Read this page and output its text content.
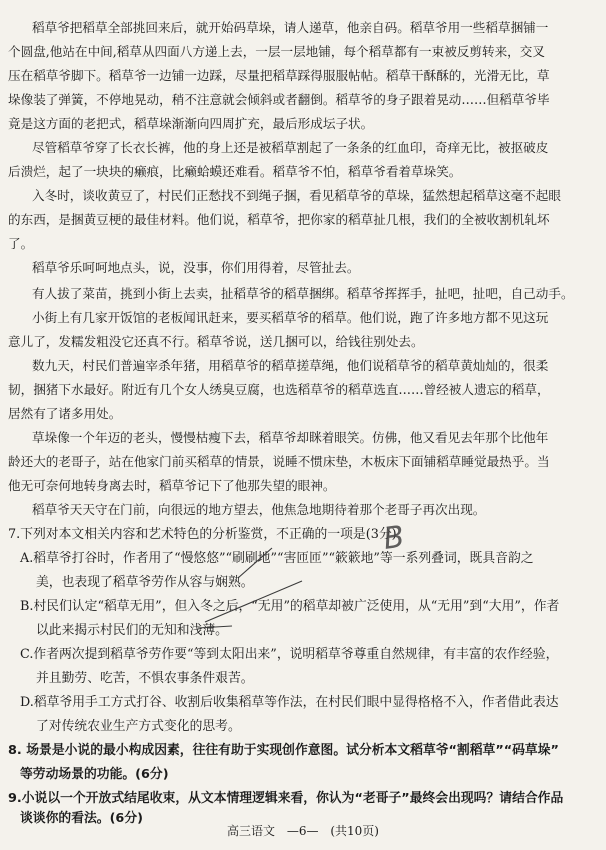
稻草爷把稻草全部挑回来后，就开始码草垛，请人递草，他亲自码。稻草爷用一些稻草捆铺一
个圆盘,他站在中间,稻草从四面八方递上去，一层一层地铺，每个稻草都有一束被反剪转来，交叉
压在稻草爷脚下。稻草爷一边铺一边踩，尽量把稻草踩得服服帖帖。稻草干酥酥的，光滑无比，草
垛像装了弹簧，不停地晃动，稍不注意就会倾斜或者翻倒。稻草爷的身子跟着晃动……但稻草爷毕
竟是这方面的老把式，稻草垛渐渐向四周扩充，最后形成坛子状。
尽管稻草爷穿了长衣长裤，他的身上还是被稻草割起了一条条的红血印，奇痒无比，被抠破皮
后溃烂，起了一块块的癞痕，比癞蛤蟆还难看。稻草爷不怕，稻草爷看着草垛笑。
入冬时，谈收黄豆了，村民们正愁找不到绳子捆，看见稻草爷的草垛，猛然想起稻草这毫不起眼
的东西，是捆黄豆梗的最佳材料。他们说，稻草爷，把你家的稻草扯几根，我们的全被收割机轧坏
了。
稻草爷乐呵呵地点头，说，没事，你们用得着，尽管扯去。
有人拔了菜苗，挑到小街上去卖，扯稻草爷的稻草捆绑。稻草爷挥挥手，扯吧，扯吧，自己动手。
小街上有几家开饭馆的老板闻讯赶来，要买稻草爷的稻草。他们说，跑了许多地方都不见这玩
意儿了，发糯发粗没它还真不行。稻草爷说，送几捆可以，给钱往别处去。
数九天，村民们普遍宰杀年猪，用稻草爷的稻草搓草绳，他们说稻草爷的稻草黄灿灿的，很柔
韧，捆猪下水最好。附近有几个女人绣臭豆腐，也选稻草爷的稻草选直……曾经被人遗忘的稻草，
居然有了诸多用处。
草垛像一个年迈的老头，慢慢枯瘦下去，稻草爷却眯着眼笑。仿佛，他又看见去年那个比他年
龄还大的老哥子，站在他家门前买稻草的情景，说睡不惯床垫，木板床下面铺稻草睡觉最热乎。当
他无可奈何地转身离去时，稻草爷记下了他那失望的眼神。
稻草爷天天守在门前，向很远的地方望去，他焦急地期待着那个老哥子再次出现。
7.下列对本文相关内容和艺术特色的分析鉴赏，不正确的一项是(3分)
A.稻草爷打谷时，作者用了“慢悠悠”“刷刷地”“害匝匝”“簌簌地”等一系列叠词，既具音韵之
美，也表现了稻草爷劳作从容与娴熟。
B.村民们认定“稻草无用”，但入冬之后，“无用”的稻草却被广泛使用，从“无用”到“大用”，作者
以此来揭示村民们的无知和浅薄。
C.作者两次提到稻草爷劳作要“等到太阳出来”，说明稻草爷尊重自然规律，有丰富的农作经验，
并且勤劳、吃苦，不惧农事条件艰苦。
D.稻草爷用手工方式打谷、收割后收集稻草等作法，在村民们眼中显得格格不入，作者借此表达
了对传统农业生产方式变化的思考。
8. 场景是小说的最小构成因素，往往有助于实现创作意图。试分析本文稻草爷“割稻草”“码草垛”
等劳动场景的功能。(6分)
9.小说以一个开放式结尾收束，从文本情理逻辑来看，你认为“老哥子”最终会出现吗？请结合作品
谈谈你的看法。(6分)
高三语文 —6— (共10页)
B
